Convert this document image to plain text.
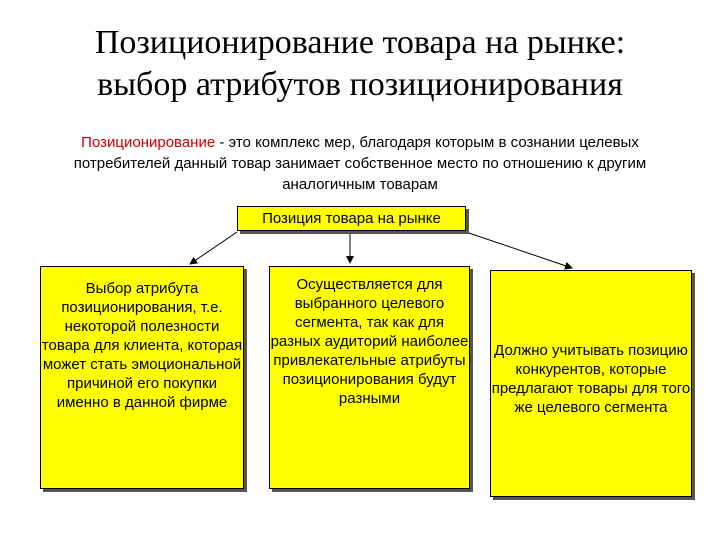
Позиционирование товара на рынке:
выбор атрибутов позиционирования
Позиционирование - это комплекс мер, благодаря которым в сознании целевых потребителей данный товар занимает собственное место по отношению к другим аналогичным товарам
Позиция товара на рынке
Выбор атрибута позиционирования, т.е. некоторой полезности товара для клиента, которая может стать эмоциональной причиной его покупки именно в данной фирме
Осуществляется для выбранного целевого сегмента, так как для разных аудиторий наиболее привлекательные атрибуты позиционирования будут разными
Должно учитывать позицию конкурентов, которые предлагают товары для того же целевого сегмента
